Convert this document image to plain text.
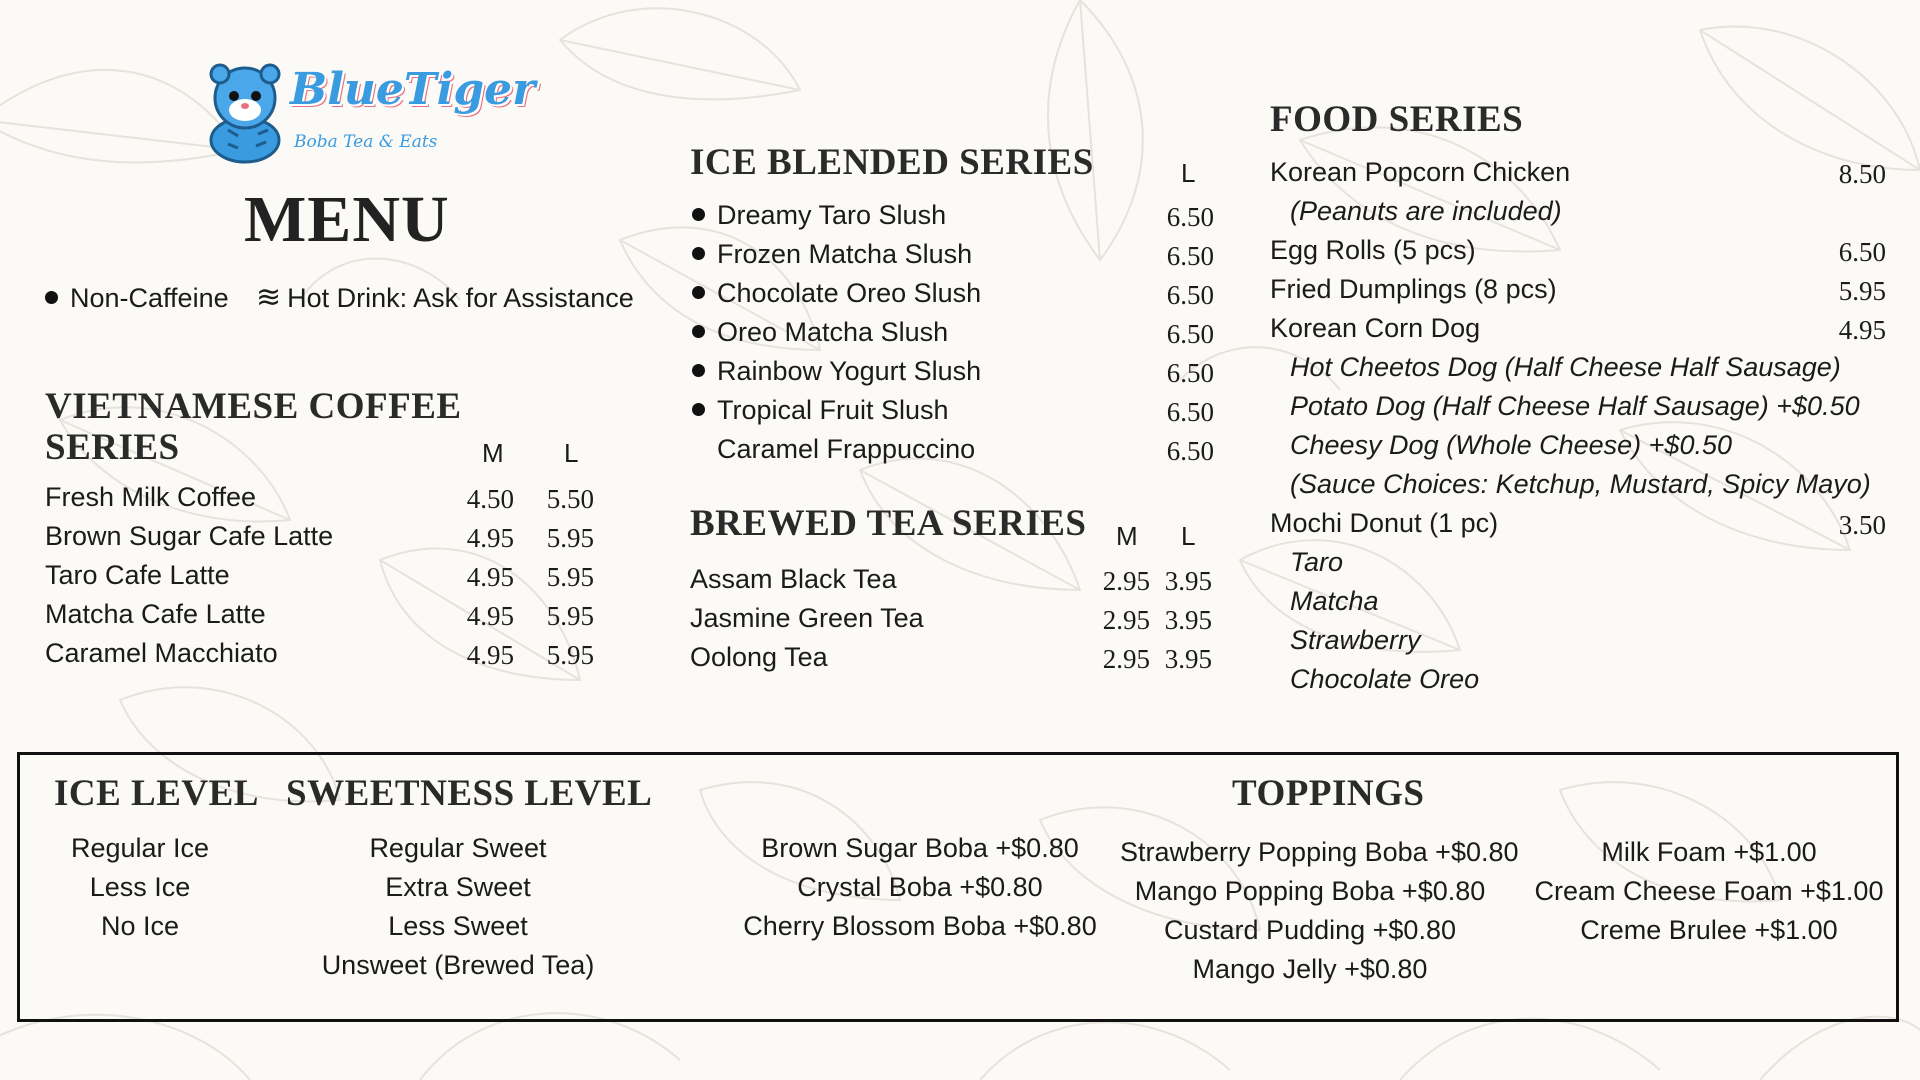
BlueTiger
Boba Tea & Eats
MENU
Non-Caffeine ≋ Hot Drink: Ask for Assistance
VIETNAMESE COFFEE
SERIES	M L
Fresh Milk Coffee	4.50 5.50
Brown Sugar Cafe Latte	4.95 5.95
Taro Cafe Latte	4.95 5.95
Matcha Cafe Latte	4.95 5.95
Caramel Macchiato	4.95 5.95
ICE BLENDED SERIES	L
Dreamy Taro Slush	6.50
Frozen Matcha Slush	6.50
Chocolate Oreo Slush	6.50
Oreo Matcha Slush	6.50
Rainbow Yogurt Slush	6.50
Tropical Fruit Slush	6.50
Caramel Frappuccino	6.50
BREWED TEA SERIES M L
Assam Black Tea	2.95 3.95
Jasmine Green Tea	2.95 3.95
Oolong Tea	2.95 3.95
FOOD SERIES
Korean Popcorn Chicken	8.50
(Peanuts are included)
Egg Rolls (5 pcs)	6.50
Fried Dumplings (8 pcs)	5.95
Korean Corn Dog	4.95
Hot Cheetos Dog (Half Cheese Half Sausage)
Potato Dog (Half Cheese Half Sausage) +$0.50
Cheesy Dog (Whole Cheese) +$0.50
(Sauce Choices: Ketchup, Mustard, Spicy Mayo)
Mochi Donut (1 pc)	3.50
Taro
Matcha
Strawberry
Chocolate Oreo
ICE LEVEL
Regular Ice
Less Ice
No Ice
SWEETNESS LEVEL
Regular Sweet
Extra Sweet
Less Sweet
Unsweet (Brewed Tea)
TOPPINGS
Brown Sugar Boba +$0.80
Crystal Boba +$0.80
Cherry Blossom Boba +$0.80
Strawberry Popping Boba +$0.80
Mango Popping Boba +$0.80
Custard Pudding +$0.80
Mango Jelly +$0.80
Milk Foam +$1.00
Cream Cheese Foam +$1.00
Creme Brulee +$1.00
